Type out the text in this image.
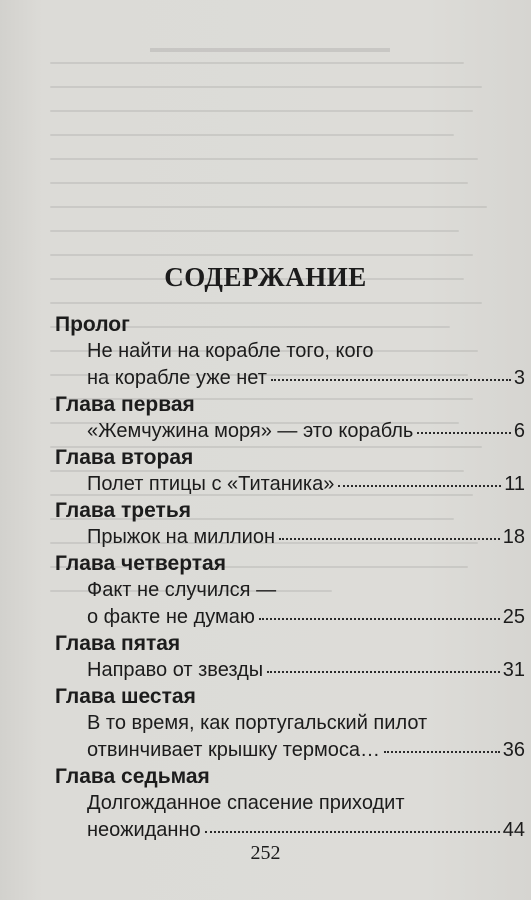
СОДЕРЖАНИЕ
Пролог
Не найти на корабле того, кого
на корабле уже нет	3
Глава первая
«Жемчужина моря» — это корабль	6
Глава вторая
Полет птицы с «Титаника»	11
Глава третья
Прыжок на миллион	18
Глава четвертая
Факт не случился —
о факте не думаю	25
Глава пятая
Направо от звезды	31
Глава шестая
В то время, как португальский пилот
отвинчивает крышку термоса…	36
Глава седьмая
Долгожданное спасение приходит
неожиданно	44
252
